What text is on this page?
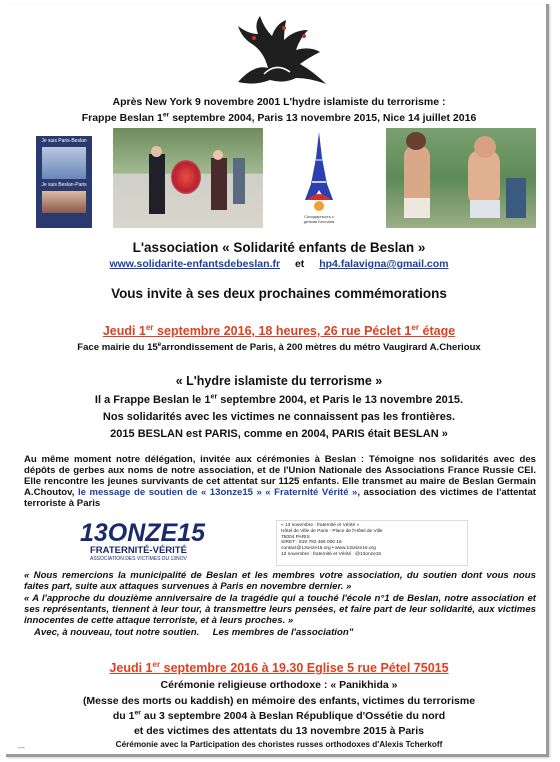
Après New York 9 novembre 2001 L'hydre islamiste du terrorisme :
Frappe Beslan 1er septembre 2004, Paris 13 novembre 2015, Nice 14 juillet 2016
Je suis Paris-Beslan
Je suis Beslan-Paris
Солидарность с детьми Беслана
L'association « Solidarité enfants de Beslan »
www.solidarite-enfantsdebeslan.fr et hp4.falavigna@gmail.com
Vous invite à ses deux prochaines commémorations
Jeudi 1er septembre 2016, 18 heures, 26 rue Péclet 1er étage
Face mairie du 15earrondissement de Paris, à 200 mètres du métro Vaugirard A.Cherioux
« L'hydre islamiste du terrorisme »
Il a Frappe Beslan le 1er septembre 2004, et Paris le 13 novembre 2015.
Nos solidarités avec les victimes ne connaissent pas les frontières.
2015 BESLAN est PARIS, comme en 2004, PARIS était BESLAN »
Au même moment notre délégation, invitée aux cérémonies à Beslan : Témoigne nos solidarités avec des dépôts de gerbes aux noms de notre association, et de l'Union Nationale des Associations France Russie CEI. Elle rencontre les jeunes survivants de cet attentat sur 1125 enfants. Elle transmet au maire de Beslan Germain A.Choutov, le message de soutien de « 13onze15 » « Fraternité Vérité », association des victimes de l'attentat terroriste à Paris
13ONZE15
FRATERNITÉ-VÉRITÉ
ASSOCIATION DES VICTIMES DU 13NOV
« 13 novembre : fraternité et Vérité »
Hôtel de Ville de Paris - Place de l'Hôtel de Ville
75004 PARIS
SIRET : 819 792 466 000 16
contact@13onze15.org • www.13onze15.org
13 novembre : fraternité et Vérité @13onze15
« Nous remercions la municipalité de Beslan et les membres votre association, du soutien dont vous nous faites part, suite aux attaques survenues à Paris en novembre dernier. »
« A l'approche du douzième anniversaire de la tragédie qui a touché l'école n°1 de Beslan, notre association et ses représentants, tiennent à leur tour, à transmettre leurs pensées, et faire part de leur solidarité, aux victimes innocentes de cette attaque terroriste, et à leurs proches. »
Avec, à nouveau, tout notre soutien. Les membres de l'association"
Jeudi 1er septembre 2016 à 19.30 Eglise 5 rue Pétel 75015
Cérémonie religieuse orthodoxe : « Panikhida »
(Messe des morts ou kaddish) en mémoire des enfants, victimes du terrorisme
du 1er au 3 septembre 2004 à Beslan République d'Ossétie du nord
et des victimes des attentats du 13 novembre 2015 à Paris
Cérémonie avec la Participation des choristes russes orthodoxes d'Alexis Tcherkoff
---
